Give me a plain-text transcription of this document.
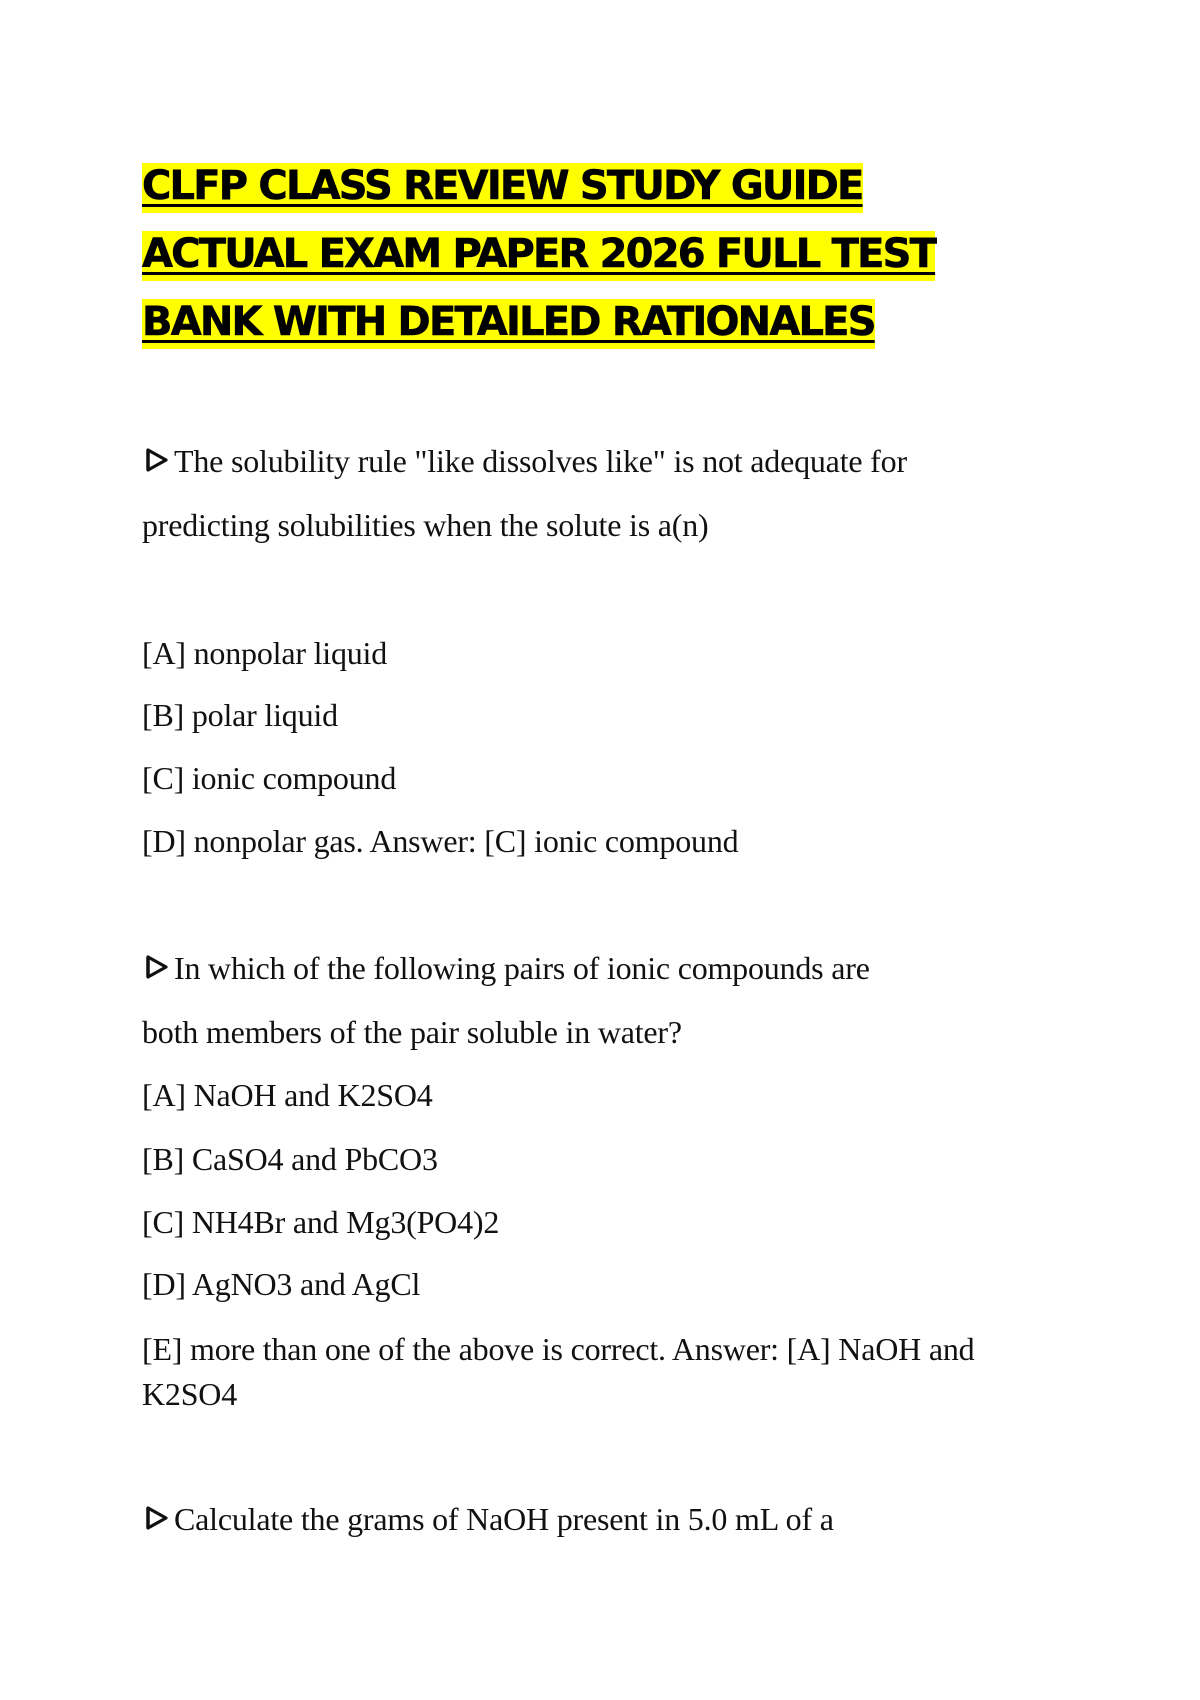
CLFP CLASS REVIEW STUDY GUIDE
ACTUAL EXAM PAPER 2026 FULL TEST
BANK WITH DETAILED RATIONALES

The solubility rule "like dissolves like" is not adequate for

predicting solubilities when the solute is a(n)

[A] nonpolar liquid

[B] polar liquid

[C] ionic compound

[D] nonpolar gas. Answer: [C] ionic compound

In which of the following pairs of ionic compounds are

both members of the pair soluble in water?

[A] NaOH and K2SO4

[B] CaSO4 and PbCO3

[C] NH4Br and Mg3(PO4)2

[D] AgNO3 and AgCl

[E] more than one of the above is correct. Answer: [A] NaOH and

K2SO4

Calculate the grams of NaOH present in 5.0 mL of a
